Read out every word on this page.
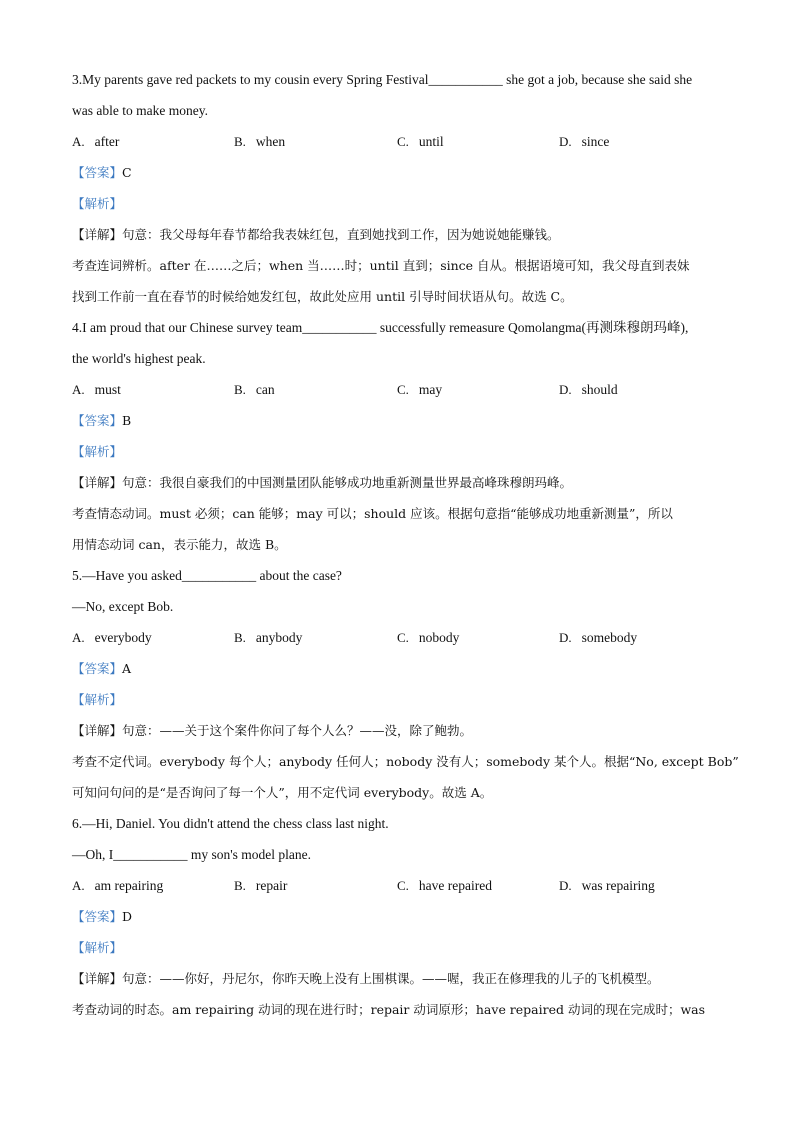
3.My parents gave red packets to my cousin every Spring Festival___________ she got a job, because she said she
was able to make money.
A. after	B. when	C. until	D. since
【答案】C
【解析】
【详解】句意：我父母每年春节都给我表妹红包，直到她找到工作，因为她说她能赚钱。
考查连词辨析。after 在……之后；when 当……时；until 直到；since 自从。根据语境可知，我父母直到表妹
找到工作前一直在春节的时候给她发红包，故此处应用 until 引导时间状语从句。故选 C。
4.I am proud that our Chinese survey team___________ successfully remeasure Qomolangma(再测珠穆朗玛峰),
the world's highest peak.
A. must	B. can	C. may	D. should
【答案】B
【解析】
【详解】句意：我很自豪我们的中国测量团队能够成功地重新测量世界最高峰珠穆朗玛峰。
考查情态动词。must 必须；can 能够；may 可以；should 应该。根据句意指“能够成功地重新测量”，所以
用情态动词 can，表示能力，故选 B。
5.—Have you asked___________ about the case?
—No, except Bob.
A. everybody	B. anybody	C. nobody	D. somebody
【答案】A
【解析】
【详解】句意：——关于这个案件你问了每个人么？——没，除了鲍勃。
考查不定代词。everybody 每个人；anybody 任何人；nobody 没有人；somebody 某个人。根据“No, except Bob”
可知问句问的是“是否询问了每一个人”，用不定代词 everybody。故选 A。
6.—Hi, Daniel. You didn't attend the chess class last night.
—Oh, I___________ my son's model plane.
A. am repairing	B. repair	C. have repaired	D. was repairing
【答案】D
【解析】
【详解】句意：——你好，丹尼尔，你昨天晚上没有上围棋课。——喔，我正在修理我的儿子的飞机模型。
考查动词的时态。am repairing 动词的现在进行时；repair 动词原形；have repaired 动词的现在完成时；was
